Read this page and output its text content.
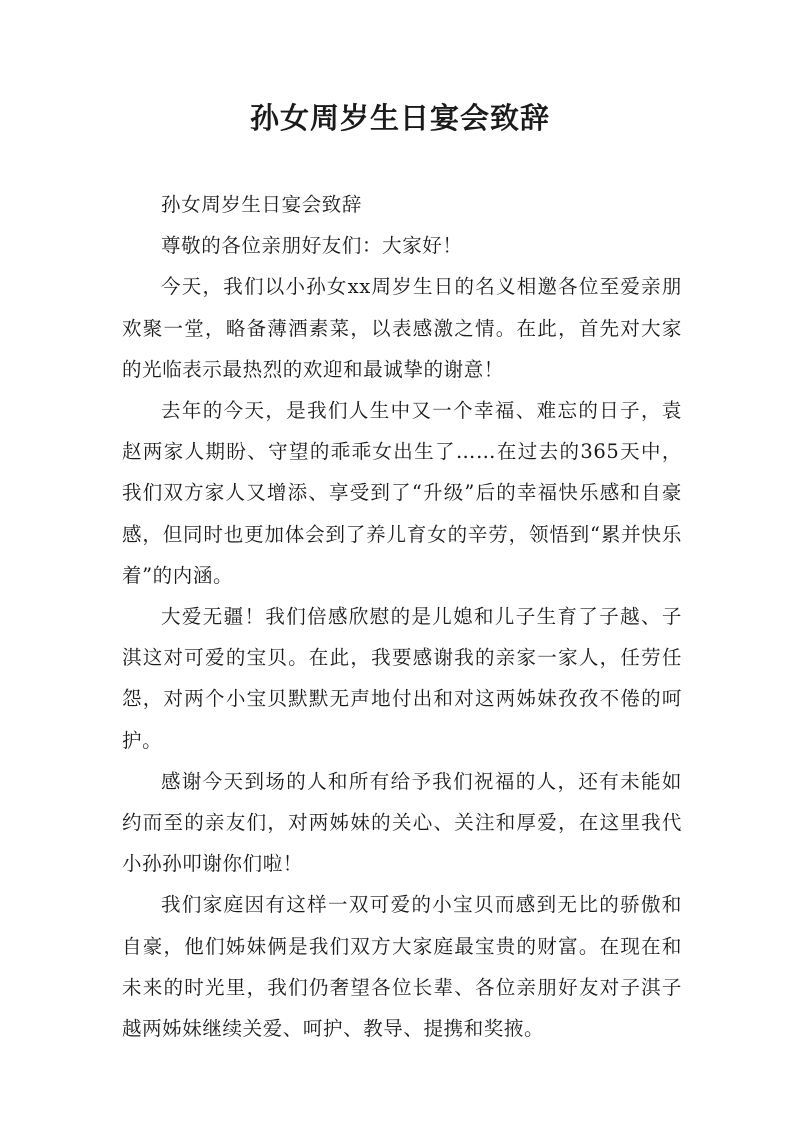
孙女周岁生日宴会致辞

孙女周岁生日宴会致辞

尊敬的各位亲朋好友们：大家好！

今天，我们以小孙女xx周岁生日的名义相邀各位至爱亲朋欢聚一堂，略备薄酒素菜，以表感激之情。在此，首先对大家的光临表示最热烈的欢迎和最诚挚的谢意！

去年的今天，是我们人生中又一个幸福、难忘的日子，袁赵两家人期盼、守望的乖乖女出生了……在过去的365天中，我们双方家人又增添、享受到了“升级”后的幸福快乐感和自豪感，但同时也更加体会到了养儿育女的辛劳，领悟到“累并快乐着”的内涵。

大爱无疆！我们倍感欣慰的是儿媳和儿子生育了子越、子淇这对可爱的宝贝。在此，我要感谢我的亲家一家人，任劳任怨，对两个小宝贝默默无声地付出和对这两姊妹孜孜不倦的呵护。

感谢今天到场的人和所有给予我们祝福的人，还有未能如约而至的亲友们，对两姊妹的关心、关注和厚爱，在这里我代小孙孙叩谢你们啦！

我们家庭因有这样一双可爱的小宝贝而感到无比的骄傲和自豪，他们姊妹俩是我们双方大家庭最宝贵的财富。在现在和未来的时光里，我们仍奢望各位长辈、各位亲朋好友对子淇子越两姊妹继续关爱、呵护、教导、提携和奖掖。
